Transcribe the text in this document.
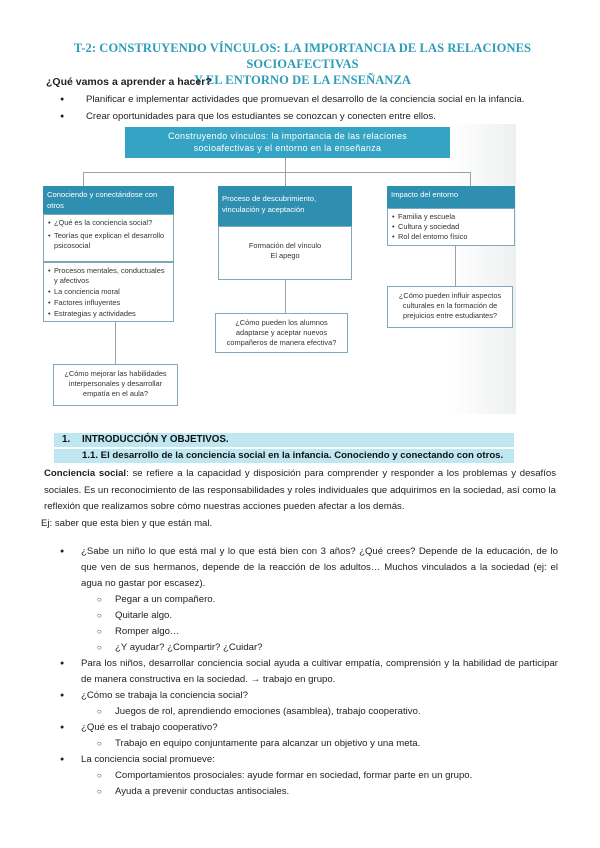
T-2: CONSTRUYENDO VÍNCULOS: LA IMPORTANCIA DE LAS RELACIONES SOCIOAFECTIVAS
Y EL ENTORNO DE LA ENSEÑANZA
¿Qué vamos a aprender a hacer?
● Planificar e implementar actividades que promuevan el desarrollo de la conciencia social en la infancia.
● Crear oportunidades para que los estudiantes se conozcan y conecten entre ellos.
Construyendo vínculos: la importancia de las relaciones
socioafectivas y el entorno en la enseñanza
Conociendo y conectándose con otros
• ¿Qué es la conciencia social?
• Teorías que explican el desarrollo psicosocial
• Procesos mentales, conductuales y afectivos
• La conciencia moral
• Factores influyentes
• Estrategias y actividades
¿Cómo mejorar las habilidades interpersonales y desarrollar empatía en el aula?
Proceso de descubrimiento, vinculación y aceptación
Formación del vínculo
El apego
¿Cómo pueden los alumnos adaptarse y aceptar nuevos compañeros de manera efectiva?
Impacto del entorno
• Familia y escuela
• Cultura y sociedad
• Rol del entorno físico
¿Cómo pueden influir aspectos culturales en la formación de prejuicios entre estudiantes?
1. INTRODUCCIÓN Y OBJETIVOS.
1.1. El desarrollo de la conciencia social en la infancia. Conociendo y conectando con otros.
Conciencia social: se refiere a la capacidad y disposición para comprender y responder a los problemas y desafíos sociales. Es un reconocimiento de las responsabilidades y roles individuales que adquirimos en la sociedad, así como la reflexión que realizamos sobre cómo nuestras acciones pueden afectar a los demás.
Ej: saber que esta bien y que están mal.
● ¿Sabe un niño lo que está mal y lo que está bien con 3 años? ¿Qué crees? Depende de la educación, de lo que ven de sus hermanos, depende de la reacción de los adultos… Muchos vinculados a la sociedad (ej: el agua no gastar por escasez).
○ Pegar a un compañero.
○ Quitarle algo.
○ Romper algo…
○ ¿Y ayudar? ¿Compartir? ¿Cuidar?
● Para los niños, desarrollar conciencia social ayuda a cultivar empatía, comprensión y la habilidad de participar de manera constructiva en la sociedad. → trabajo en grupo.
● ¿Cómo se trabaja la conciencia social?
○ Juegos de rol, aprendiendo emociones (asamblea), trabajo cooperativo.
● ¿Qué es el trabajo cooperativo?
○ Trabajo en equipo conjuntamente para alcanzar un objetivo y una meta.
● La conciencia social promueve:
○ Comportamientos prosociales: ayude formar en sociedad, formar parte en un grupo.
○ Ayuda a prevenir conductas antisociales.
